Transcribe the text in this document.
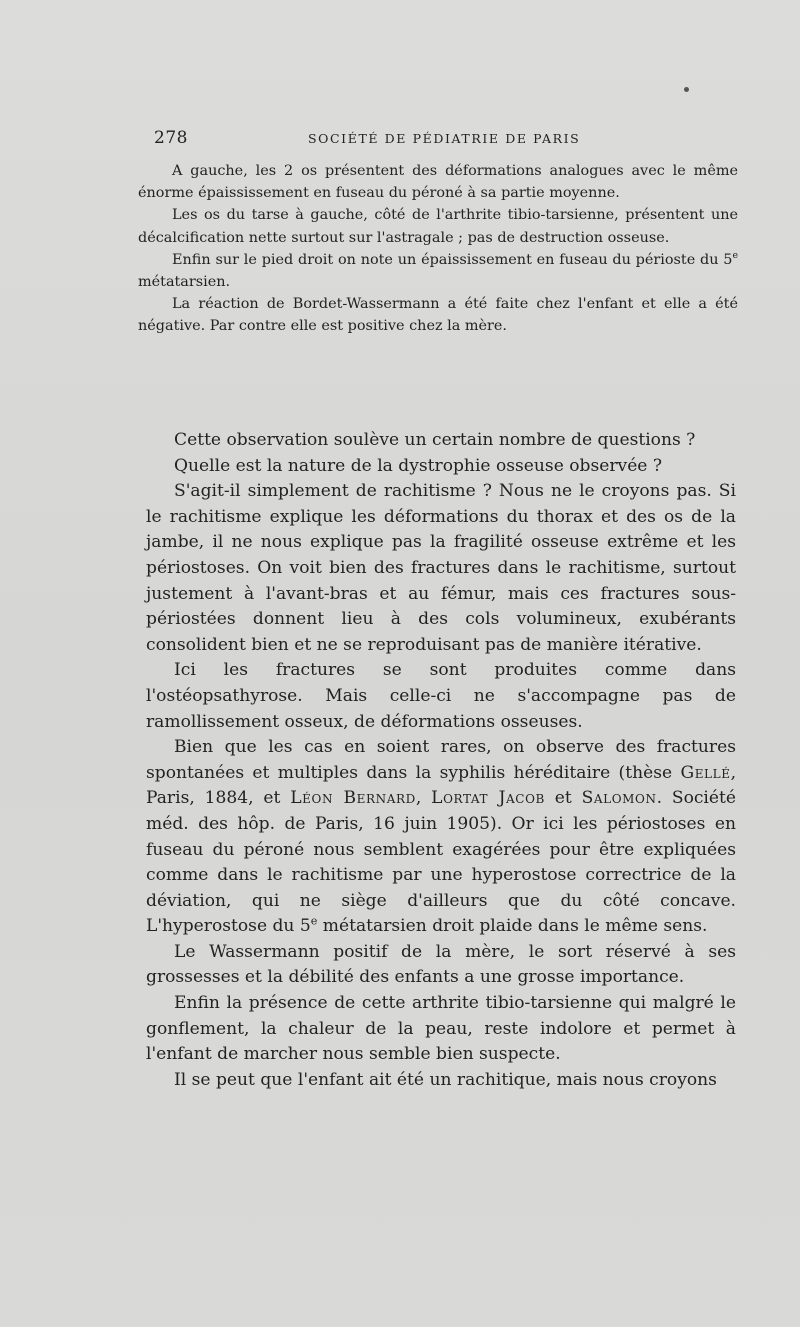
278	SOCIÉTÉ DE PÉDIATRIE DE PARIS

A gauche, les 2 os présentent des déformations analogues avec le même énorme épaississement en fuseau du péroné à sa partie moyenne.

Les os du tarse à gauche, côté de l'arthrite tibio-tarsienne, présentent une décalcification nette surtout sur l'astragale ; pas de destruction osseuse.

Enfin sur le pied droit on note un épaississement en fuseau du périoste du 5e métatarsien.

La réaction de Bordet-Wassermann a été faite chez l'enfant et elle a été négative. Par contre elle est positive chez la mère.

Cette observation soulève un certain nombre de questions ?

Quelle est la nature de la dystrophie osseuse observée ?

S'agit-il simplement de rachitisme ? Nous ne le croyons pas. Si le rachitisme explique les déformations du thorax et des os de la jambe, il ne nous explique pas la fragilité osseuse extrême et les périostoses. On voit bien des fractures dans le rachitisme, surtout justement à l'avant-bras et au fémur, mais ces fractures sous-périostées donnent lieu à des cols volumineux, exubérants consolident bien et ne se reproduisant pas de manière itérative.

Ici les fractures se sont produites comme dans l'ostéopsathyrose. Mais celle-ci ne s'accompagne pas de ramollissement osseux, de déformations osseuses.

Bien que les cas en soient rares, on observe des fractures spontanées et multiples dans la syphilis héréditaire (thèse Gellé, Paris, 1884, et Léon Bernard, Lortat Jacob et Salomon. Société méd. des hôp. de Paris, 16 juin 1905). Or ici les périostoses en fuseau du péroné nous semblent exagérées pour être expliquées comme dans le rachitisme par une hyperostose correctrice de la déviation, qui ne siège d'ailleurs que du côté concave. L'hyperostose du 5e métatarsien droit plaide dans le même sens.

Le Wassermann positif de la mère, le sort réservé à ses grossesses et la débilité des enfants a une grosse importance.

Enfin la présence de cette arthrite tibio-tarsienne qui malgré le gonflement, la chaleur de la peau, reste indolore et permet à l'enfant de marcher nous semble bien suspecte.

Il se peut que l'enfant ait été un rachitique, mais nous croyons
